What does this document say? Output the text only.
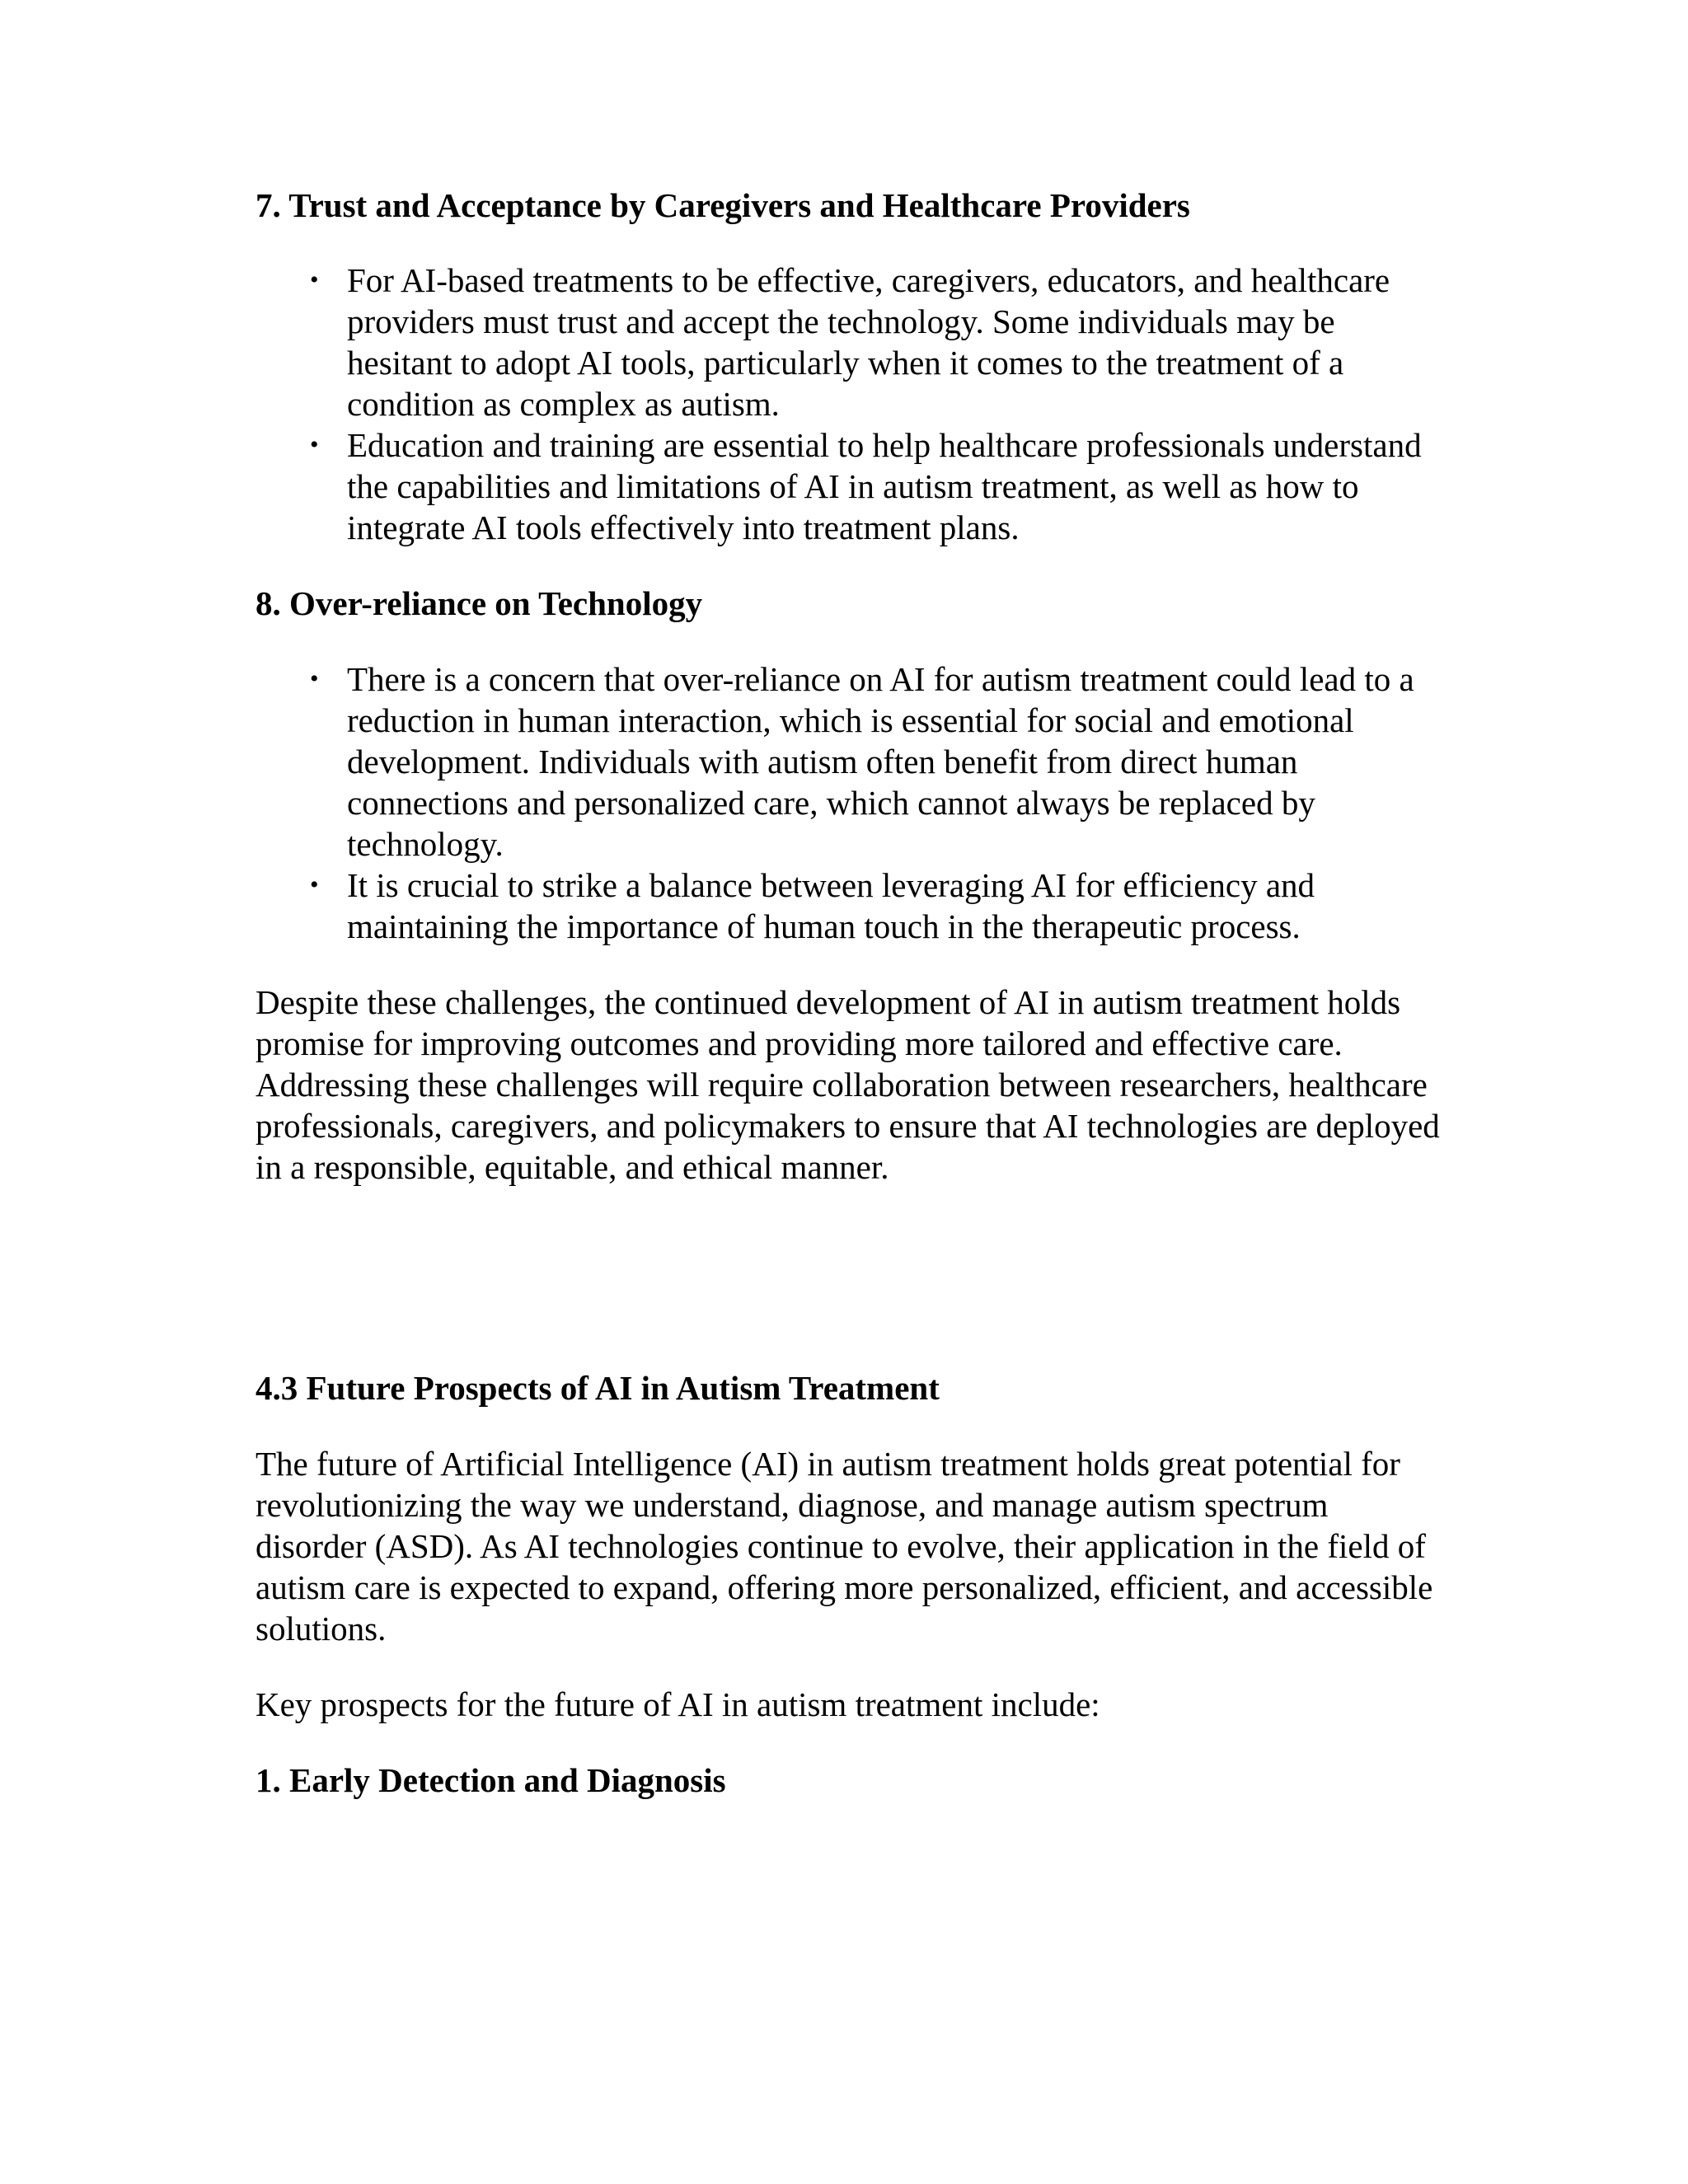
7. Trust and Acceptance by Caregivers and Healthcare Providers
• For AI-based treatments to be effective, caregivers, educators, and healthcare providers must trust and accept the technology. Some individuals may be hesitant to adopt AI tools, particularly when it comes to the treatment of a condition as complex as autism.
• Education and training are essential to help healthcare professionals understand the capabilities and limitations of AI in autism treatment, as well as how to integrate AI tools effectively into treatment plans.
8. Over-reliance on Technology
• There is a concern that over-reliance on AI for autism treatment could lead to a reduction in human interaction, which is essential for social and emotional development. Individuals with autism often benefit from direct human connections and personalized care, which cannot always be replaced by technology.
• It is crucial to strike a balance between leveraging AI for efficiency and maintaining the importance of human touch in the therapeutic process.

Despite these challenges, the continued development of AI in autism treatment holds promise for improving outcomes and providing more tailored and effective care. Addressing these challenges will require collaboration between researchers, healthcare professionals, caregivers, and policymakers to ensure that AI technologies are deployed in a responsible, equitable, and ethical manner.

4.3 Future Prospects of AI in Autism Treatment

The future of Artificial Intelligence (AI) in autism treatment holds great potential for revolutionizing the way we understand, diagnose, and manage autism spectrum disorder (ASD). As AI technologies continue to evolve, their application in the field of autism care is expected to expand, offering more personalized, efficient, and accessible solutions.

Key prospects for the future of AI in autism treatment include:

1. Early Detection and Diagnosis
